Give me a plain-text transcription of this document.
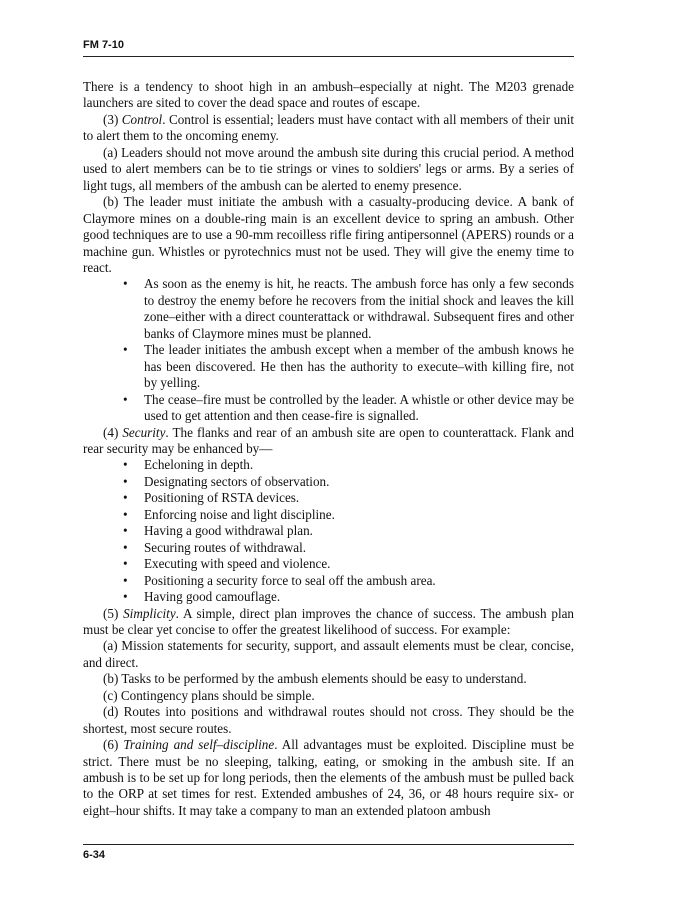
FM 7-10

There is a tendency to shoot high in an ambush–especially at night. The M203 grenade launchers are sited to cover the dead space and routes of escape.

(3) Control. Control is essential; leaders must have contact with all members of their unit to alert them to the oncoming enemy.

(a) Leaders should not move around the ambush site during this crucial period. A method used to alert members can be to tie strings or vines to soldiers' legs or arms. By a series of light tugs, all members of the ambush can be alerted to enemy presence.

(b) The leader must initiate the ambush with a casualty-producing device. A bank of Claymore mines on a double-ring main is an excellent device to spring an ambush. Other good techniques are to use a 90-mm recoilless rifle firing antipersonnel (APERS) rounds or a machine gun. Whistles or pyrotechnics must not be used. They will give the enemy time to react.

• As soon as the enemy is hit, he reacts. The ambush force has only a few seconds to destroy the enemy before he recovers from the initial shock and leaves the kill zone–either with a direct counterattack or withdrawal. Subsequent fires and other banks of Claymore mines must be planned.
• The leader initiates the ambush except when a member of the ambush knows he has been discovered. He then has the authority to execute–with killing fire, not by yelling.
• The cease–fire must be controlled by the leader. A whistle or other device may be used to get attention and then cease-fire is signalled.

(4) Security. The flanks and rear of an ambush site are open to counterattack. Flank and rear security may be enhanced by—

• Echeloning in depth.
• Designating sectors of observation.
• Positioning of RSTA devices.
• Enforcing noise and light discipline.
• Having a good withdrawal plan.
• Securing routes of withdrawal.
• Executing with speed and violence.
• Positioning a security force to seal off the ambush area.
• Having good camouflage.

(5) Simplicity. A simple, direct plan improves the chance of success. The ambush plan must be clear yet concise to offer the greatest likelihood of success. For example:

(a) Mission statements for security, support, and assault elements must be clear, concise, and direct.

(b) Tasks to be performed by the ambush elements should be easy to understand.

(c) Contingency plans should be simple.

(d) Routes into positions and withdrawal routes should not cross. They should be the shortest, most secure routes.

(6) Training and self–discipline. All advantages must be exploited. Discipline must be strict. There must be no sleeping, talking, eating, or smoking in the ambush site. If an ambush is to be set up for long periods, then the elements of the ambush must be pulled back to the ORP at set times for rest. Extended ambushes of 24, 36, or 48 hours require six- or eight–hour shifts. It may take a company to man an extended platoon ambush

6-34
